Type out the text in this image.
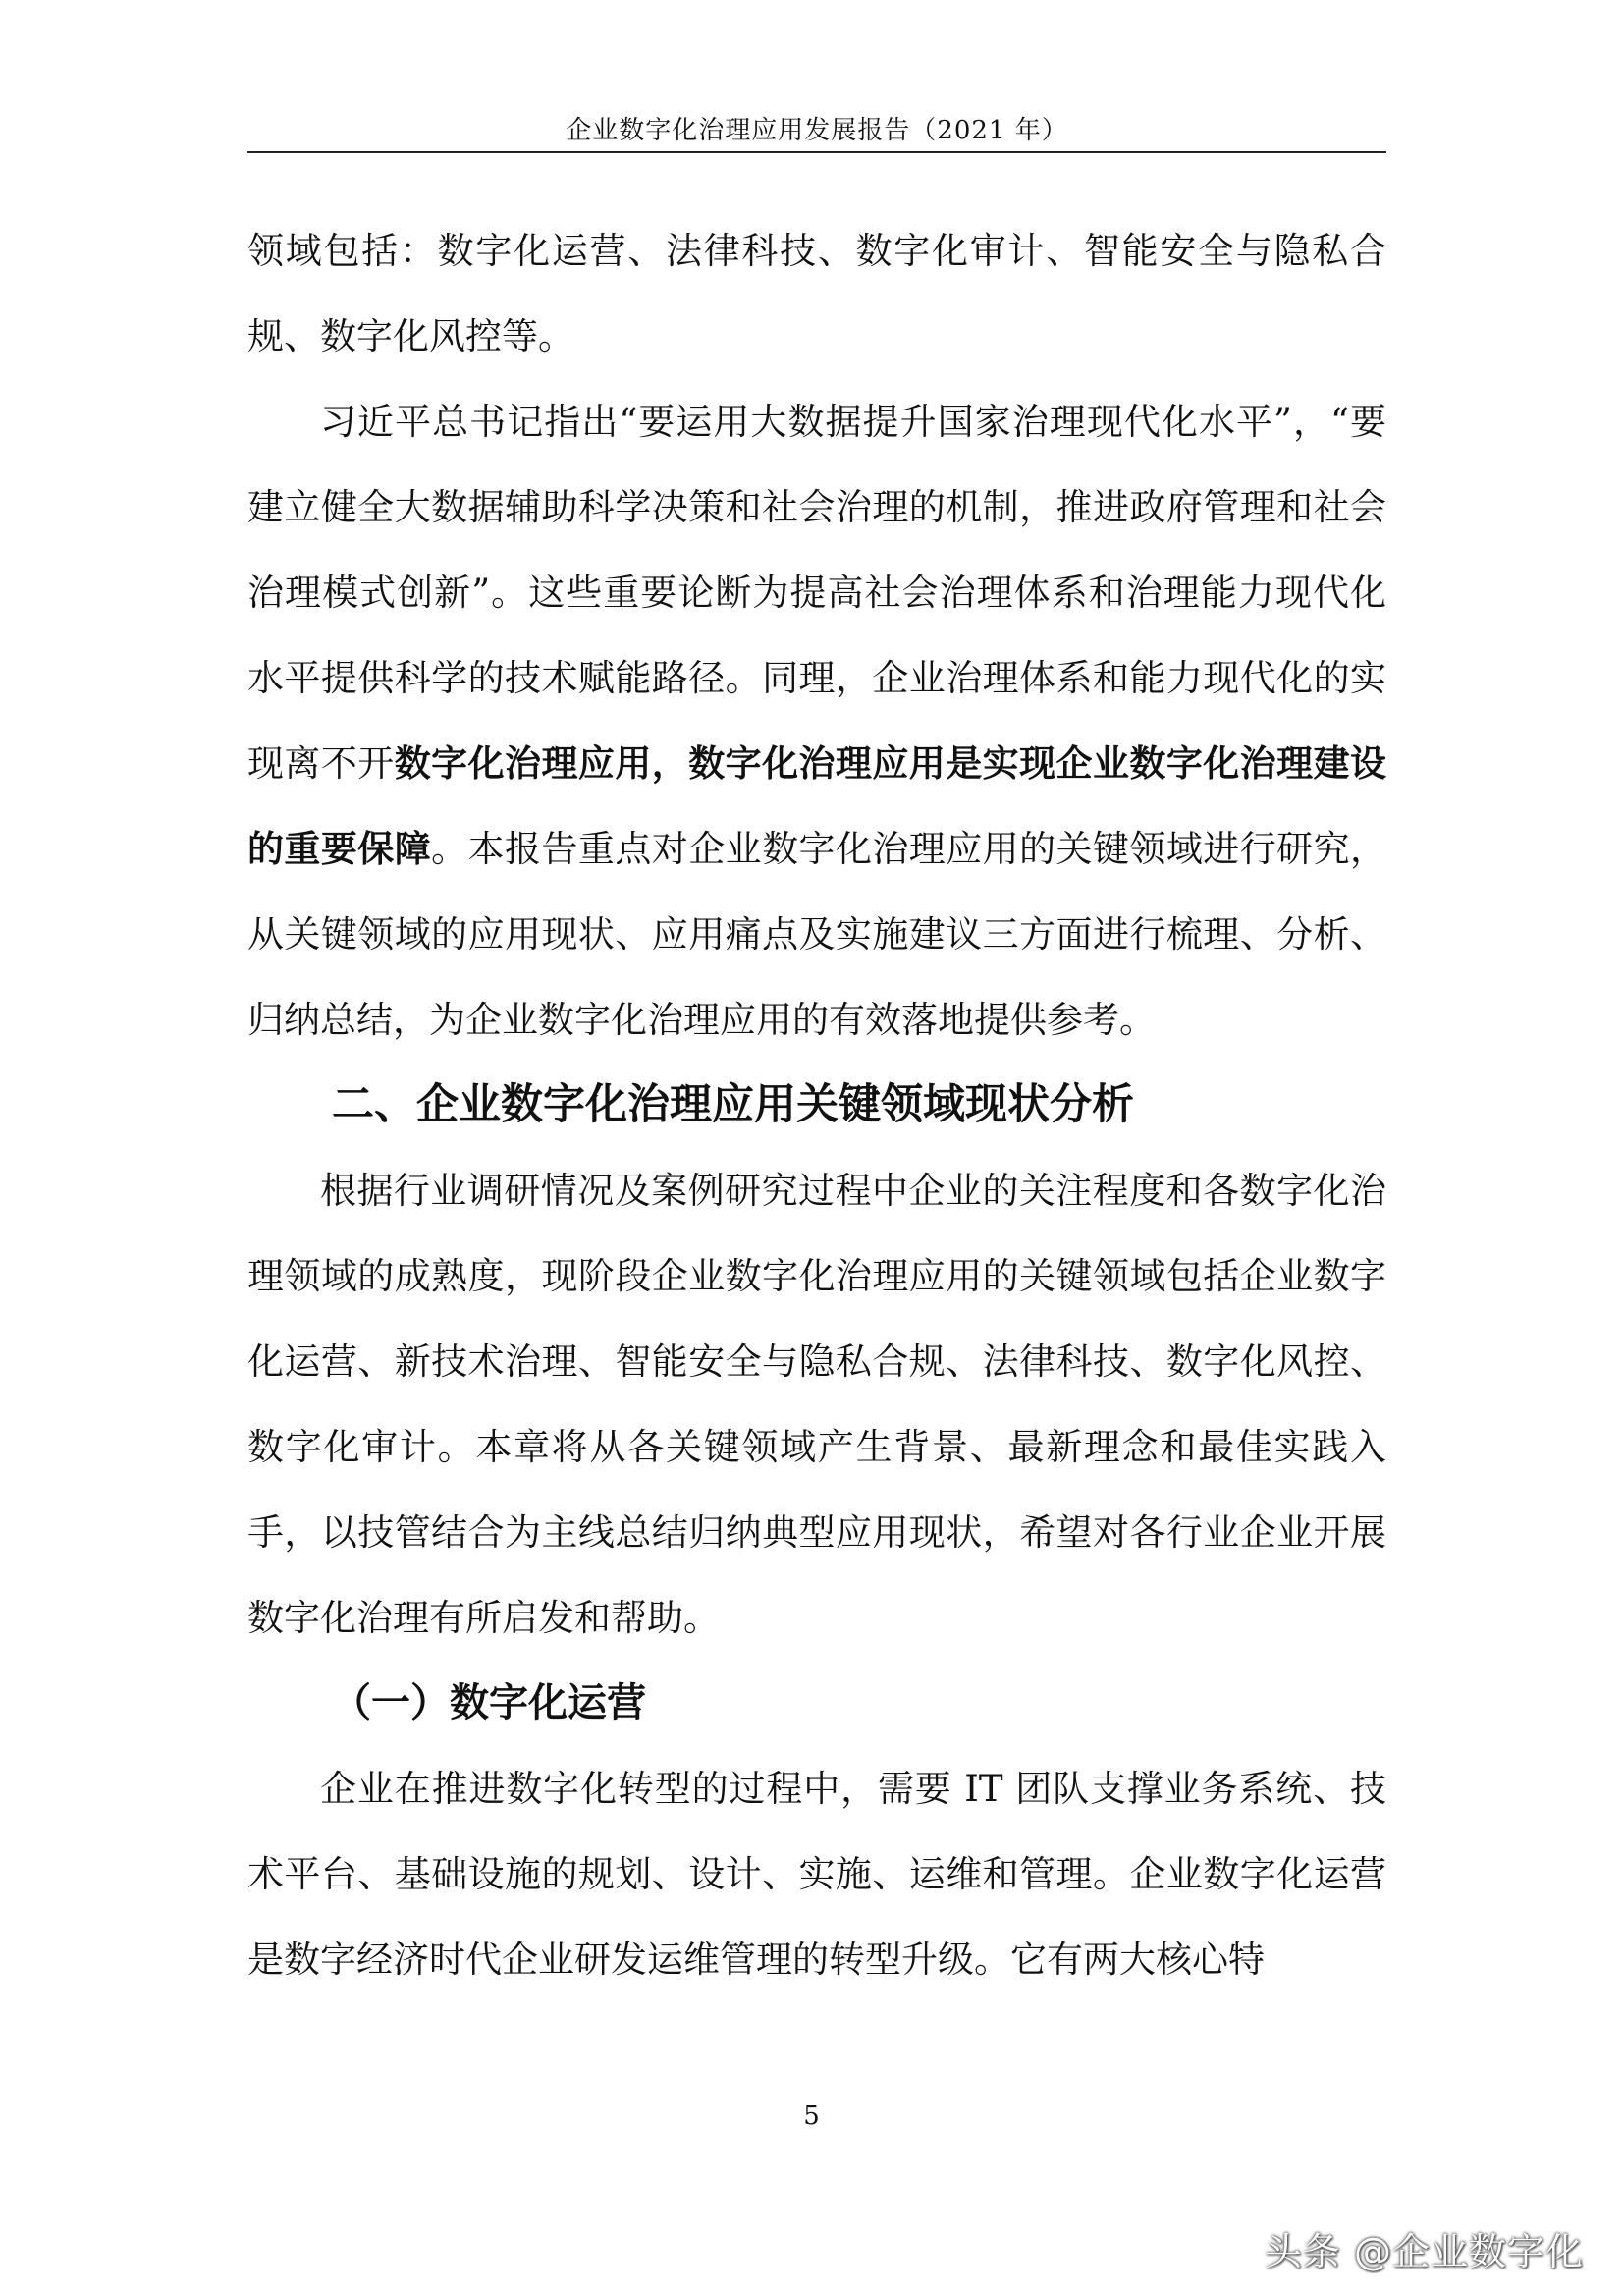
企业数字化治理应用发展报告（2021 年）

领域包括：数字化运营、法律科技、数字化审计、智能安全与隐私合规、数字化风控等。

习近平总书记指出“要运用大数据提升国家治理现代化水平”，“要建立健全大数据辅助科学决策和社会治理的机制，推进政府管理和社会治理模式创新”。这些重要论断为提高社会治理体系和治理能力现代化水平提供科学的技术赋能路径。同理，企业治理体系和能力现代化的实现离不开数字化治理应用，数字化治理应用是实现企业数字化治理建设的重要保障。本报告重点对企业数字化治理应用的关键领域进行研究，从关键领域的应用现状、应用痛点及实施建议三方面进行梳理、分析、归纳总结，为企业数字化治理应用的有效落地提供参考。

二、企业数字化治理应用关键领域现状分析

根据行业调研情况及案例研究过程中企业的关注程度和各数字化治理领域的成熟度，现阶段企业数字化治理应用的关键领域包括企业数字化运营、新技术治理、智能安全与隐私合规、法律科技、数字化风控、数字化审计。本章将从各关键领域产生背景、最新理念和最佳实践入手，以技管结合为主线总结归纳典型应用现状，希望对各行业企业开展数字化治理有所启发和帮助。

（一）数字化运营

企业在推进数字化转型的过程中，需要 IT 团队支撑业务系统、技术平台、基础设施的规划、设计、实施、运维和管理。企业数字化运营是数字经济时代企业研发运维管理的转型升级。它有两大核心特

5
头条 @企业数字化
